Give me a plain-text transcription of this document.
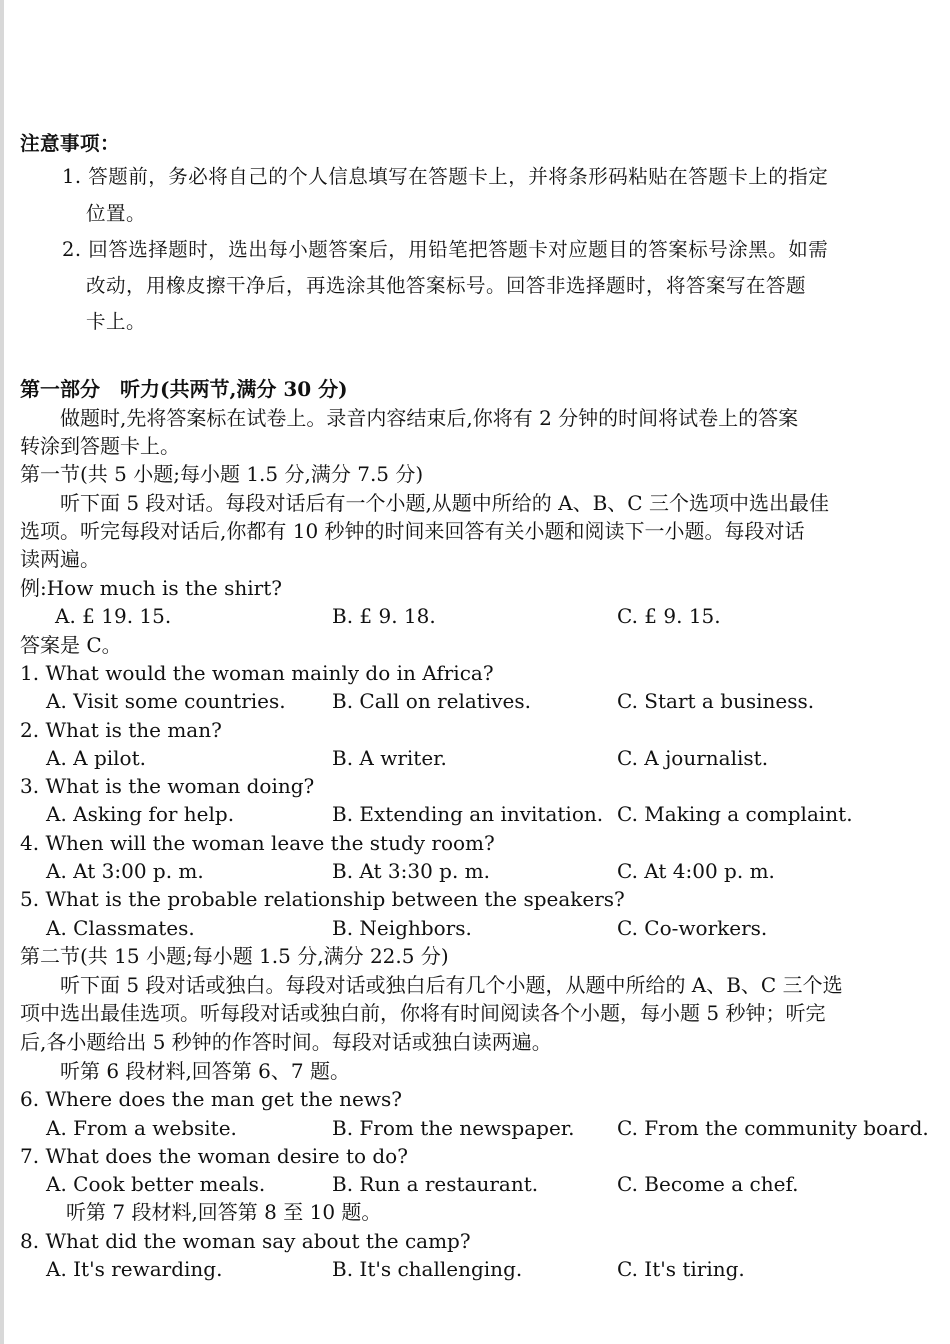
注意事项：
1. 答题前，务必将自己的个人信息填写在答题卡上，并将条形码粘贴在答题卡上的指定
位置。
2. 回答选择题时，选出每小题答案后，用铅笔把答题卡对应题目的答案标号涂黑。如需
改动，用橡皮擦干净后，再选涂其他答案标号。回答非选择题时，将答案写在答题
卡上。
第一部分　听力(共两节,满分 30 分)
做题时,先将答案标在试卷上。录音内容结束后,你将有 2 分钟的时间将试卷上的答案
转涂到答题卡上。
第一节(共 5 小题;每小题 1.5 分,满分 7.5 分)
听下面 5 段对话。每段对话后有一个小题,从题中所给的 A、B、C 三个选项中选出最佳
选项。听完每段对话后,你都有 10 秒钟的时间来回答有关小题和阅读下一小题。每段对话
读两遍。
例:How much is the shirt?
A. £ 19. 15.	B. £ 9. 18.	C. £ 9. 15.
答案是 C。
1. What would the woman mainly do in Africa?
A. Visit some countries. B. Call on relatives.	C. Start a business.
2. What is the man?
A. A pilot.	B. A writer.	C. A journalist.
3. What is the woman doing?
A. Asking for help.	B. Extending an invitation. C. Making a complaint.
4. When will the woman leave the study room?
A. At 3:00 p. m.	B. At 3:30 p. m.	C. At 4:00 p. m.
5. What is the probable relationship between the speakers?
A. Classmates.	B. Neighbors.	C. Co-workers.
第二节(共 15 小题;每小题 1.5 分,满分 22.5 分)
听下面 5 段对话或独白。每段对话或独白后有几个小题，从题中所给的 A、B、C 三个选
项中选出最佳选项。听每段对话或独白前，你将有时间阅读各个小题，每小题 5 秒钟；听完
后,各小题给出 5 秒钟的作答时间。每段对话或独白读两遍。
听第 6 段材料,回答第 6、7 题。
6. Where does the man get the news?
A. From a website.	B. From the newspaper. C. From the community board.
7. What does the woman desire to do?
A. Cook better meals.	B. Run a restaurant.	C. Become a chef.
听第 7 段材料,回答第 8 至 10 题。
8. What did the woman say about the camp?
A. It's rewarding.	B. It's challenging.	C. It's tiring.
